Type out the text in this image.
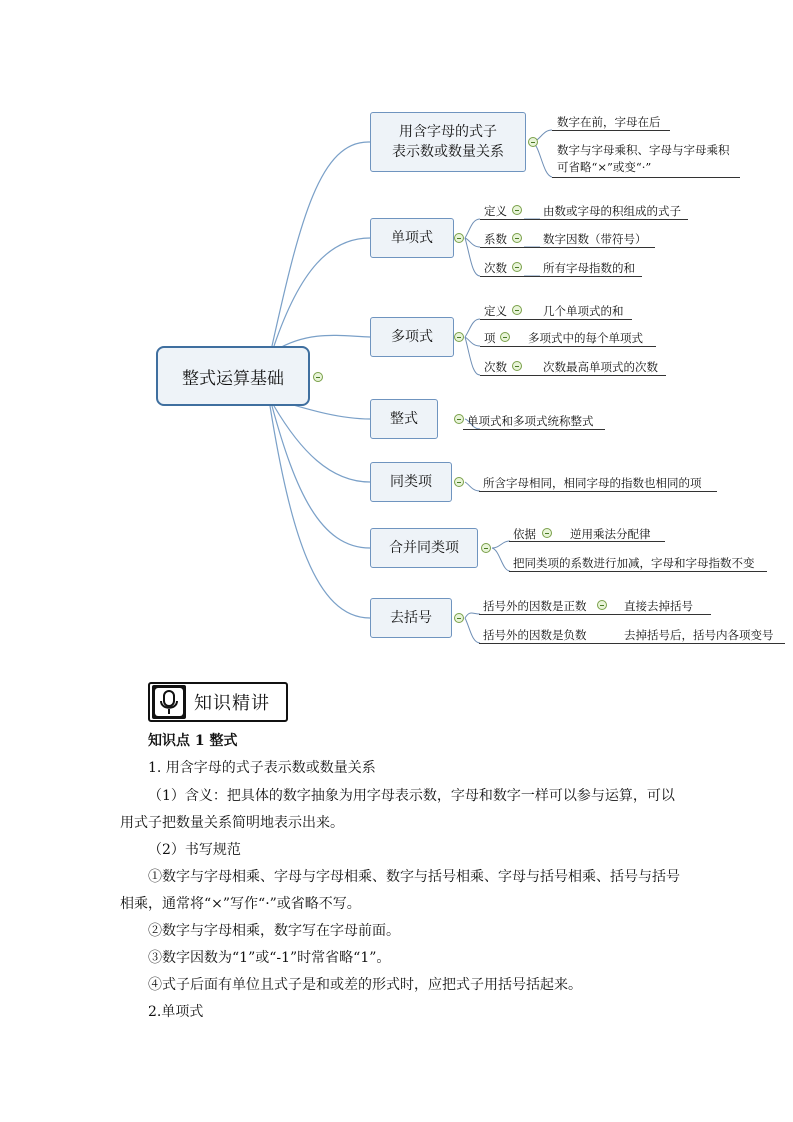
整式运算基础
用含字母的式子
表示数或数量关系
数字在前，字母在后
数字与字母乘积、字母与字母乘积
可省略“×”或变“·”
单项式
定义	由数或字母的积组成的式子
系数	数字因数（带符号）
次数	所有字母指数的和
多项式
定义	几个单项式的和
项	多项式中的每个单项式
次数	次数最高单项式的次数
整式	单项式和多项式统称整式
同类项	所含字母相同，相同字母的指数也相同的项
合并同类项
依据	逆用乘法分配律
把同类项的系数进行加减，字母和字母指数不变
去括号
括号外的因数是正数	直接去掉括号
括号外的因数是负数	去掉括号后，括号内各项变号
知识精讲
知识点 1 整式
1. 用含字母的式子表示数或数量关系
（1）含义：把具体的数字抽象为用字母表示数，字母和数字一样可以参与运算，可以
用式子把数量关系简明地表示出来。
（2）书写规范
①数字与字母相乘、字母与字母相乘、数字与括号相乘、字母与括号相乘、括号与括号
相乘，通常将“×”写作“·”或省略不写。
②数字与字母相乘，数字写在字母前面。
③数字因数为“1”或“-1”时常省略“1”。
④式子后面有单位且式子是和或差的形式时，应把式子用括号括起来。
2.单项式
